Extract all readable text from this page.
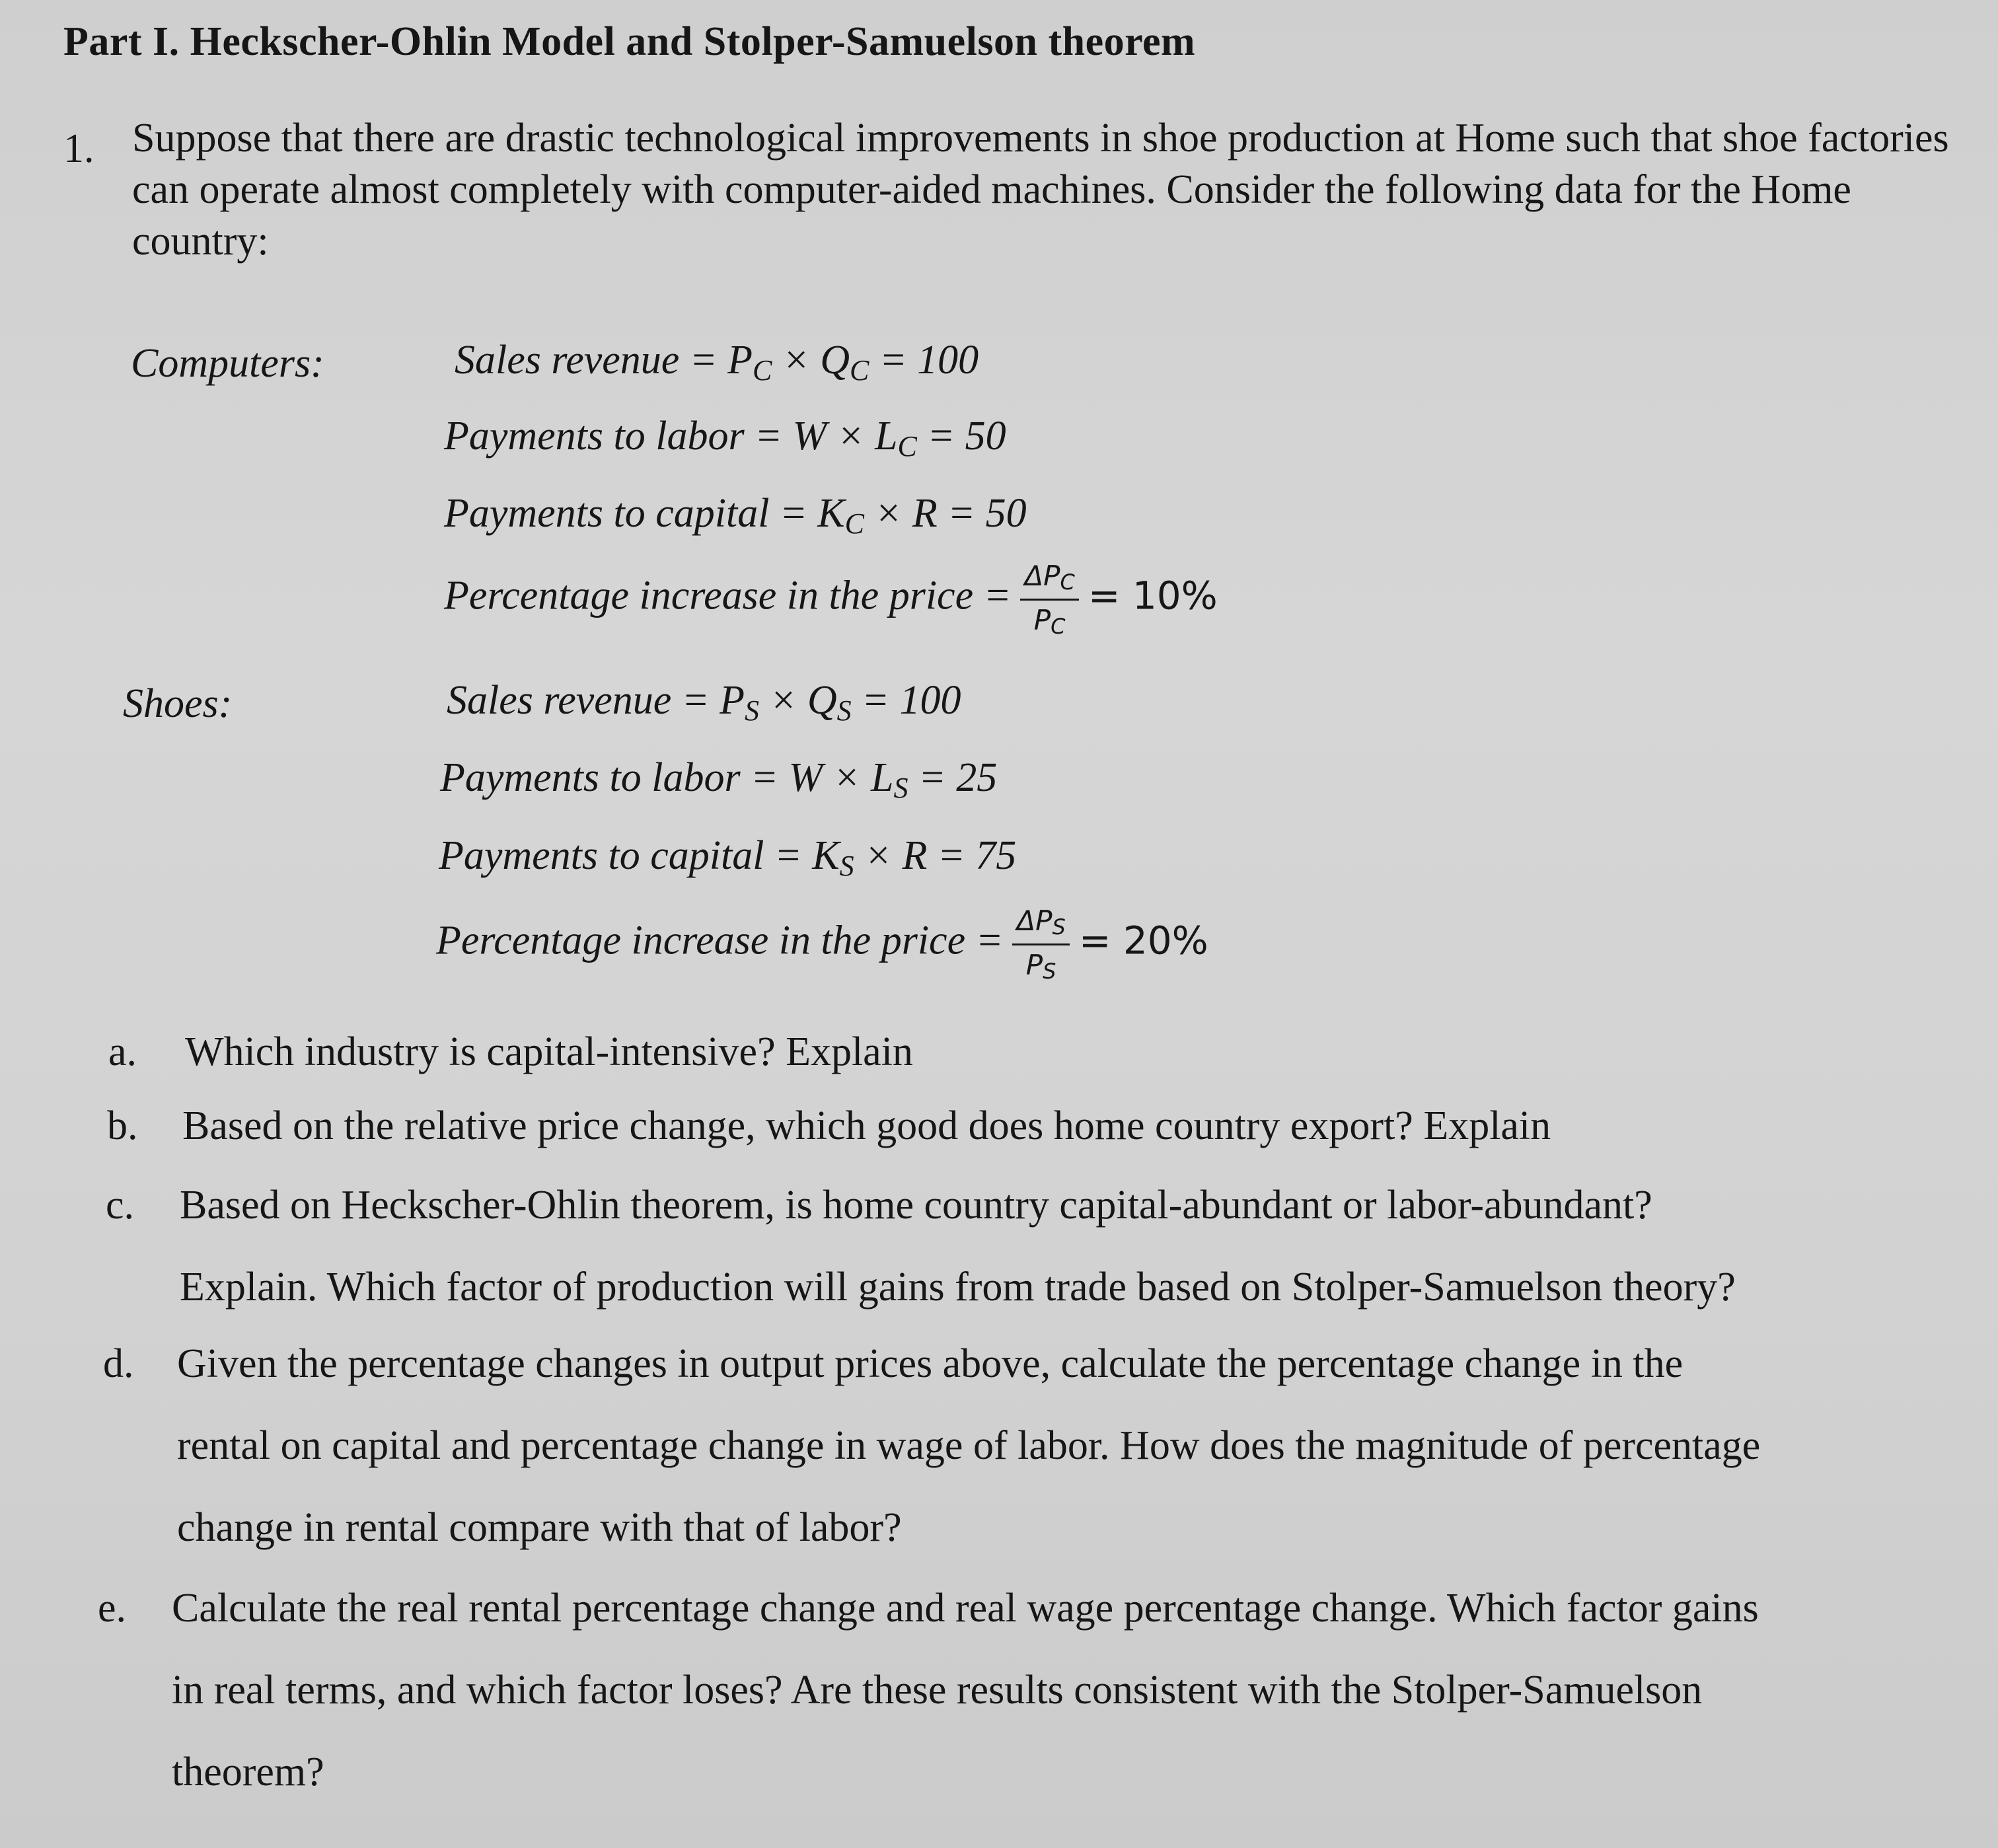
Part I. Heckscher-Ohlin Model and Stolper-Samuelson theorem
1. Suppose that there are drastic technological improvements in shoe production at Home such that shoe factories can operate almost completely with computer-aided machines. Consider the following data for the Home country:
Computers:	Sales revenue = $P_C \times Q_C = 100$
Payments to labor = $W \times L_C = 50$
Payments to capital = $K_C \times R = 50$
Percentage increase in the price = $\frac{\Delta P_C}{P_C} = 10\%$
Shoes:	Sales revenue = $P_S \times Q_S = 100$
Payments to labor = $W \times L_S = 25$
Payments to capital = $K_S \times R = 75$
Percentage increase in the price = $\frac{\Delta P_S}{P_S} = 20\%$
a. Which industry is capital-intensive? Explain
b. Based on the relative price change, which good does home country export? Explain
c. Based on Heckscher-Ohlin theorem, is home country capital-abundant or labor-abundant?
Explain. Which factor of production will gains from trade based on Stolper-Samuelson theory?
d. Given the percentage changes in output prices above, calculate the percentage change in the
rental on capital and percentage change in wage of labor. How does the magnitude of percentage
change in rental compare with that of labor?
e. Calculate the real rental percentage change and real wage percentage change. Which factor gains
in real terms, and which factor loses? Are these results consistent with the Stolper-Samuelson
theorem?
